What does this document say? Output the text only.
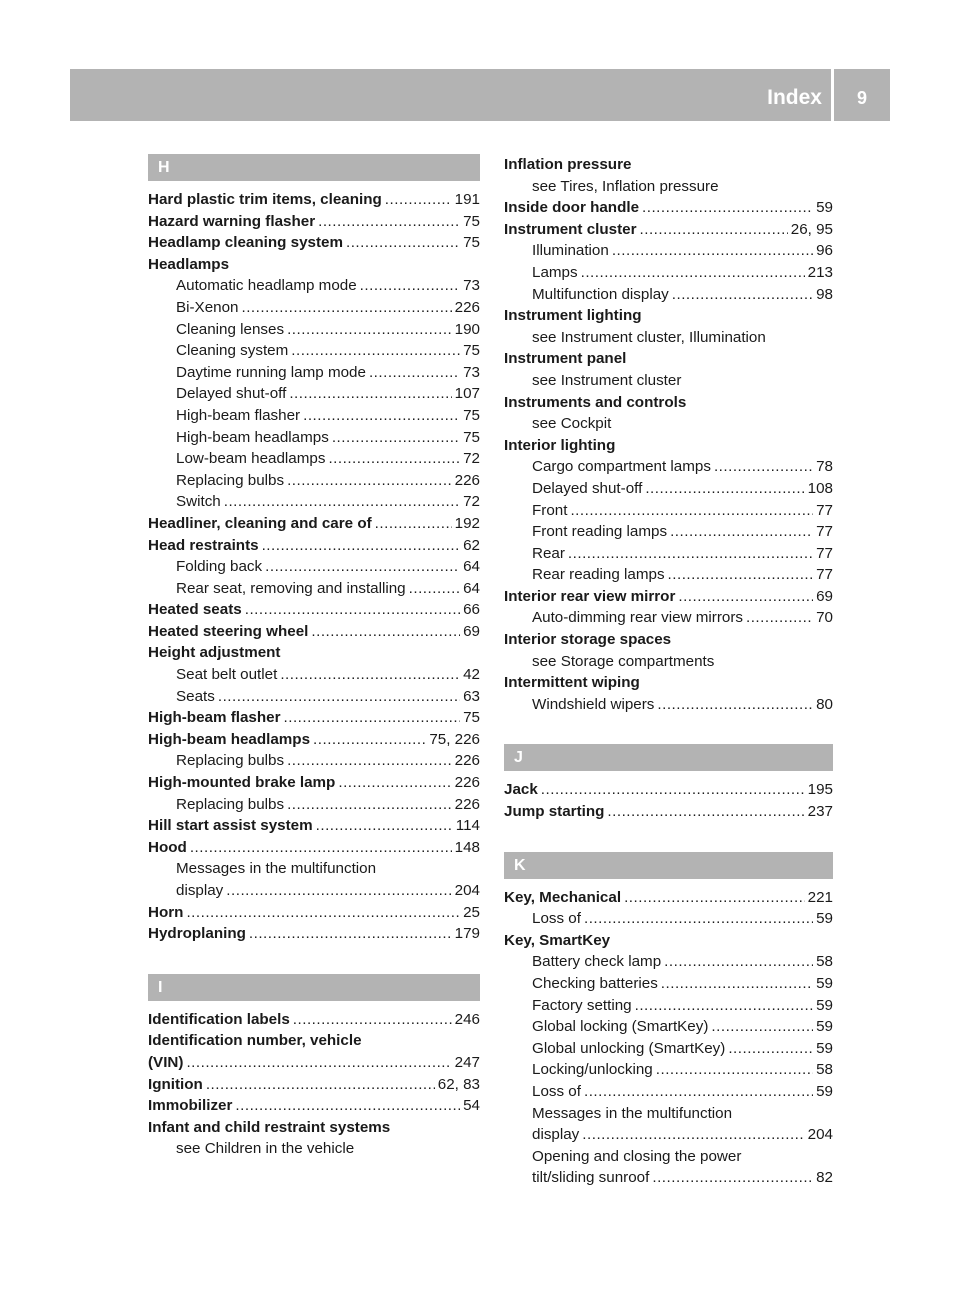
Index	9
H
Hard plastic trim items, cleaning .....	191
Hazard warning flasher .....	75
Headlamp cleaning system .....	75
Headlamps
Automatic headlamp mode .....	73
Bi-Xenon .....	226
Cleaning lenses .....	190
Cleaning system .....	75
Daytime running lamp mode .....	73
Delayed shut-off .....	107
High-beam flasher .....	75
High-beam headlamps .....	75
Low-beam headlamps .....	72
Replacing bulbs .....	226
Switch .....	72
Headliner, cleaning and care of .....	192
Head restraints .....	62
Folding back .....	64
Rear seat, removing and installing .....	64
Heated seats .....	66
Heated steering wheel .....	69
Height adjustment
Seat belt outlet .....	42
Seats .....	63
High-beam flasher .....	75
High-beam headlamps .....	75, 226
Replacing bulbs .....	226
High-mounted brake lamp .....	226
Replacing bulbs .....	226
Hill start assist system .....	114
Hood .....	148
Messages in the multifunction
display .....	204
Horn .....	25
Hydroplaning .....	179
I
Identification labels .....	246
Identification number, vehicle
(VIN) .....	247
Ignition .....	62, 83
Immobilizer .....	54
Infant and child restraint systems
see Children in the vehicle
Inflation pressure
see Tires, Inflation pressure
Inside door handle .....	59
Instrument cluster .....	26, 95
Illumination .....	96
Lamps .....	213
Multifunction display .....	98
Instrument lighting
see Instrument cluster, Illumination
Instrument panel
see Instrument cluster
Instruments and controls
see Cockpit
Interior lighting
Cargo compartment lamps .....	78
Delayed shut-off .....	108
Front .....	77
Front reading lamps .....	77
Rear .....	77
Rear reading lamps .....	77
Interior rear view mirror .....	69
Auto-dimming rear view mirrors .....	70
Interior storage spaces
see Storage compartments
Intermittent wiping
Windshield wipers .....	80
J
Jack .....	195
Jump starting .....	237
K
Key, Mechanical .....	221
Loss of .....	59
Key, SmartKey
Battery check lamp .....	58
Checking batteries .....	59
Factory setting .....	59
Global locking (SmartKey) .....	59
Global unlocking (SmartKey) .....	59
Locking/unlocking .....	58
Loss of .....	59
Messages in the multifunction
display .....	204
Opening and closing the power
tilt/sliding sunroof .....	82
